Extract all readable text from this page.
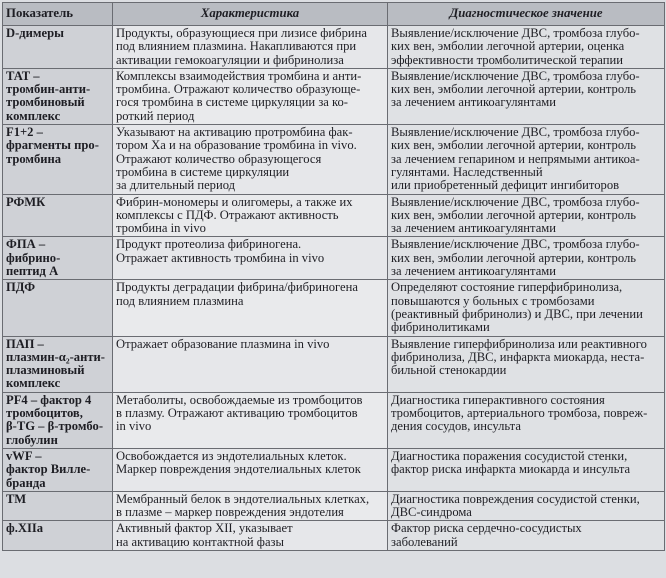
Показатель	Характеристика	Диагностическое значение

D-димеры	Продукты, образующиеся при лизисе фибрина
под влиянием плазмина. Накапливаются при
активации гемокоагуляции и фибринолиза	Выявление/исключение ДВС, тромбоза глубо-
ких вен, эмболии легочной артерии, оценка
эффективности тромболитической терапии

ТАТ –
тромбин-анти-
тромбиновый
комплекс	Комплексы взаимодействия тромбина и анти-
тромбина. Отражают количество образующе-
гося тромбина в системе циркуляции за ко-
роткий период	Выявление/исключение ДВС, тромбоза глубо-
ких вен, эмболии легочной артерии, контроль
за лечением антикоагулянтами

F1+2 –
фрагменты про-
тромбина	Указывают на активацию протромбина фак-
тором Ха и на образование тромбина in vivo.
Отражают количество образующегося
тромбина в системе циркуляции
за длительный период	Выявление/исключение ДВС, тромбоза глубо-
ких вен, эмболии легочной артерии, контроль
за лечением гепарином и непрямыми антикоа-
гулянтами. Наследственный
или приобретенный дефицит ингибиторов

РФМК	Фибрин-мономеры и олигомеры, а также их
комплексы с ПДФ. Отражают активность
тромбина in vivo	Выявление/исключение ДВС, тромбоза глубо-
ких вен, эмболии легочной артерии, контроль
за лечением антикоагулянтами

ФПА –
фибрино-
пептид А	Продукт протеолиза фибриногена.
Отражает активность тромбина in vivo	Выявление/исключение ДВС, тромбоза глубо-
ких вен, эмболии легочной артерии, контроль
за лечением антикоагулянтами

ПДФ	Продукты деградации фибрина/фибриногена
под влиянием плазмина	Определяют состояние гиперфибринолиза,
повышаются у больных с тромбозами
(реактивный фибринолиз) и ДВС, при лечении
фибринолитиками

ПАП –
плазмин-α₂-анти-
плазминовый
комплекс	Отражает образование плазмина in vivo	Выявление гиперфибринолиза или реактивного
фибринолиза, ДВС, инфаркта миокарда, неста-
бильной стенокардии

PF4 – фактор 4
тромбоцитов,
β-TG – β-тромбо-
глобулин	Метаболиты, освобождаемые из тромбоцитов
в плазму. Отражают активацию тромбоцитов
in vivo	Диагностика гиперактивного состояния
тромбоцитов, артериального тромбоза, повреж-
дения сосудов, инсульта

vWF –
фактор Вилле-
бранда	Освобождается из эндотелиальных клеток.
Маркер повреждения эндотелиальных клеток	Диагностика поражения сосудистой стенки,
фактор риска инфаркта миокарда и инсульта

ТМ	Мембранный белок в эндотелиальных клетках,
в плазме – маркер повреждения эндотелия	Диагностика повреждения сосудистой стенки,
ДВС-синдрома

ф.XIIa	Активный фактор XII, указывает
на активацию контактной фазы	Фактор риска сердечно-сосудистых
заболеваний
